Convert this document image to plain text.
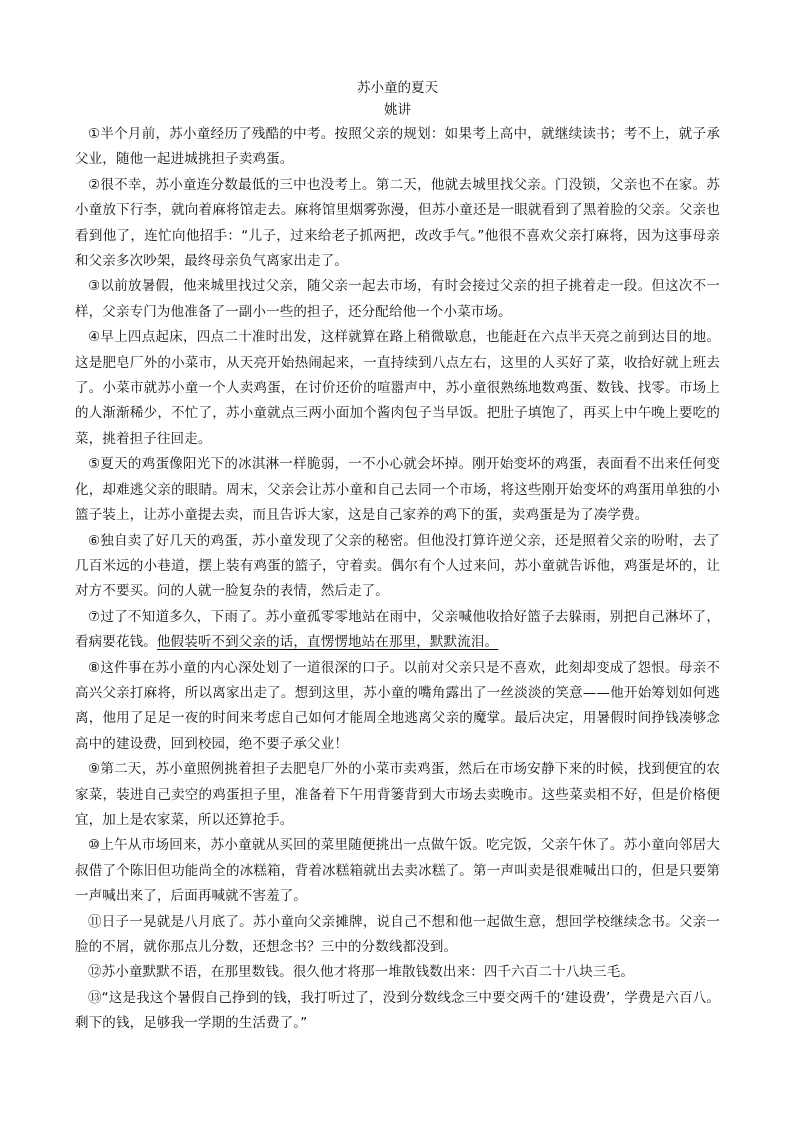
苏小童的夏天

姚讲

①半个月前，苏小童经历了残酷的中考。按照父亲的规划：如果考上高中，就继续读书；考不上，就子承父业，随他一起进城挑担子卖鸡蛋。

②很不幸，苏小童连分数最低的三中也没考上。第二天，他就去城里找父亲。门没锁，父亲也不在家。苏小童放下行李，就向着麻将馆走去。麻将馆里烟雾弥漫，但苏小童还是一眼就看到了黑着脸的父亲。父亲也看到他了，连忙向他招手：“儿子，过来给老子抓两把，改改手气。”他很不喜欢父亲打麻将，因为这事母亲和父亲多次吵架，最终母亲负气离家出走了。

③以前放暑假，他来城里找过父亲，随父亲一起去市场，有时会接过父亲的担子挑着走一段。但这次不一样，父亲专门为他准备了一副小一些的担子，还分配给他一个小菜市场。

④早上四点起床，四点二十准时出发，这样就算在路上稍微歇息，也能赶在六点半天亮之前到达目的地。这是肥皂厂外的小菜市，从天亮开始热闹起来，一直持续到八点左右，这里的人买好了菜，收拾好就上班去了。小菜市就苏小童一个人卖鸡蛋，在讨价还价的喧嚣声中，苏小童很熟练地数鸡蛋、数钱、找零。市场上的人渐渐稀少，不忙了，苏小童就点三两小面加个酱肉包子当早饭。把肚子填饱了，再买上中午晚上要吃的菜，挑着担子往回走。

⑤夏天的鸡蛋像阳光下的冰淇淋一样脆弱，一不小心就会坏掉。刚开始变坏的鸡蛋，表面看不出来任何变化，却难逃父亲的眼睛。周末，父亲会让苏小童和自己去同一个市场，将这些刚开始变坏的鸡蛋用单独的小篮子装上，让苏小童提去卖，而且告诉大家，这是自己家养的鸡下的蛋，卖鸡蛋是为了凑学费。

⑥独自卖了好几天的鸡蛋，苏小童发现了父亲的秘密。但他没打算许逆父亲，还是照着父亲的吩咐，去了几百米远的小巷道，摆上装有鸡蛋的篮子，守着卖。偶尔有个人过来问，苏小童就告诉他，鸡蛋是坏的，让对方不要买。问的人就一脸复杂的表情，然后走了。

⑦过了不知道多久，下雨了。苏小童孤零零地站在雨中，父亲喊他收拾好篮子去躲雨，别把自己淋坏了，看病要花钱。他假装听不到父亲的话，直愣愣地站在那里，默默流泪。

⑧这件事在苏小童的内心深处划了一道很深的口子。以前对父亲只是不喜欢，此刻却变成了怨恨。母亲不高兴父亲打麻将，所以离家出走了。想到这里，苏小童的嘴角露出了一丝淡淡的笑意——他开始筹划如何逃离，他用了足足一夜的时间来考虑自己如何才能周全地逃离父亲的魔掌。最后决定，用暑假时间挣钱凑够念高中的建设费，回到校园，绝不要子承父业！

⑨第二天，苏小童照例挑着担子去肥皂厂外的小菜市卖鸡蛋，然后在市场安静下来的时候，找到便宜的农家菜，装进自己卖空的鸡蛋担子里，准备着下午用背篓背到大市场去卖晚市。这些菜卖相不好，但是价格便宜，加上是农家菜，所以还算抢手。

⑩上午从市场回来，苏小童就从买回的菜里随便挑出一点做午饭。吃完饭，父亲午休了。苏小童向邻居大叔借了个陈旧但功能尚全的冰糕箱，背着冰糕箱就出去卖冰糕了。第一声叫卖是很难喊出口的，但是只要第一声喊出来了，后面再喊就不害羞了。

⑪日子一晃就是八月底了。苏小童向父亲摊牌，说自己不想和他一起做生意，想回学校继续念书。父亲一脸的不屑，就你那点儿分数，还想念书？三中的分数线都没到。

⑫苏小童默默不语，在那里数钱。很久他才将那一堆散钱数出来：四千六百二十八块三毛。

⑬“这是我这个暑假自己挣到的钱，我打听过了，没到分数线念三中要交两千的‘建设费’，学费是六百八。剩下的钱，足够我一学期的生活费了。”
